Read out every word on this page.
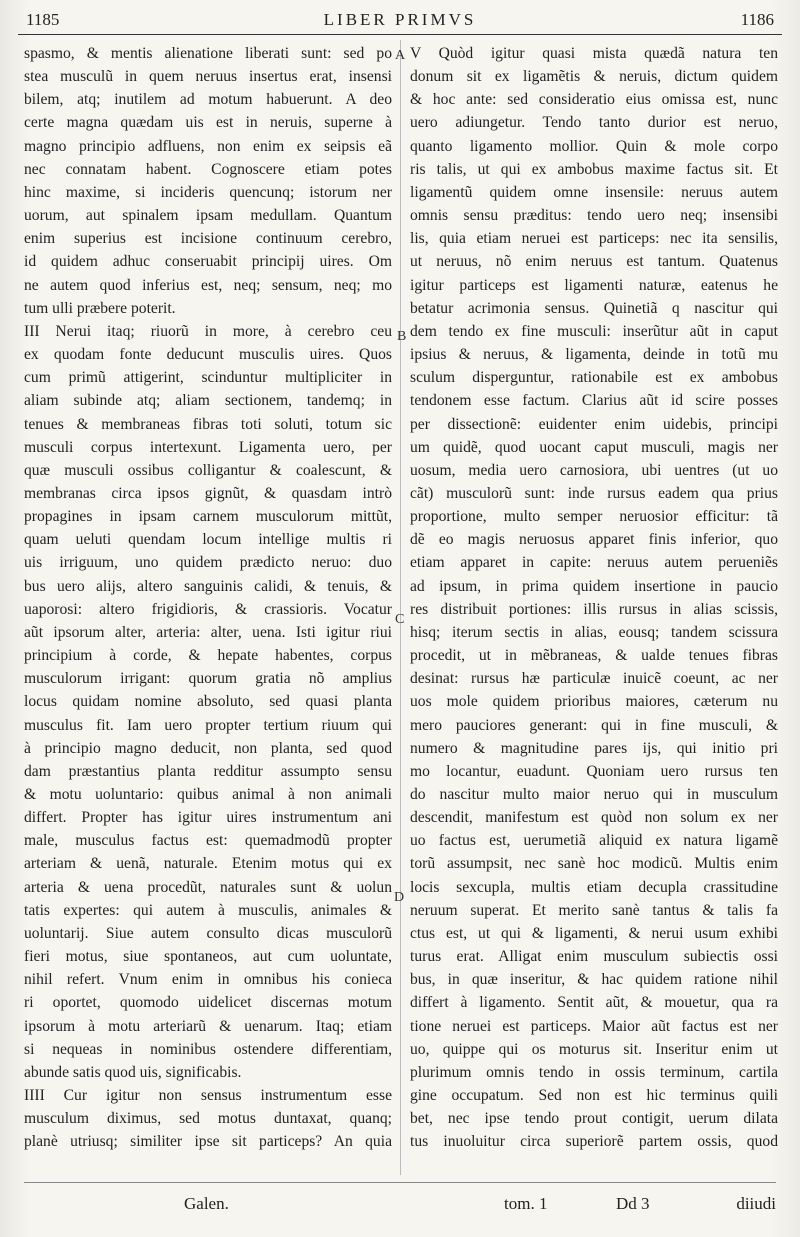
1185	LIBER PRIMVS	1186
spasmo, & mentis alienatione liberati sunt: sed po
stea musculũ in quem neruus insertus erat, insensi
bilem, atq; inutilem ad motum habuerunt. A deo
certe magna quædam uis est in neruis, superne à
magno principio adfluens, non enim ex seipsis eã
nec connatam habent. Cognoscere etiam potes
hinc maxime, si incideris quencunq; istorum ner
uorum, aut spinalem ipsam medullam. Quantum
enim superius est incisione continuum cerebro,
id quidem adhuc conseruabit principij uires. Om
ne autem quod inferius est, neq; sensum, neq; mo
tum ulli præbere poterit.
III Nerui itaq; riuorũ in more, à cerebro ceu
ex quodam fonte deducunt musculis uires. Quos
cum primũ attigerint, scinduntur multipliciter in
aliam subinde atq; aliam sectionem, tandemq; in
tenues & membraneas fibras toti soluti, totum sic
musculi corpus intertexunt. Ligamenta uero, per
quæ musculi ossibus colligantur & coalescunt, &
membranas circa ipsos gignũt, & quasdam intrò
propagines in ipsam carnem musculorum mittũt,
quam ueluti quendam locum intellige multis ri
uis irriguum, uno quidem prædicto neruo: duo
bus uero alijs, altero sanguinis calidi, & tenuis, &
uaporosi: altero frigidioris, & crassioris. Vocatur
aũt ipsorum alter, arteria: alter, uena. Isti igitur riui
principium à corde, & hepate habentes, corpus
musculorum irrigant: quorum gratia nõ amplius
locus quidam nomine absoluto, sed quasi planta
musculus fit. Iam uero propter tertium riuum qui
à principio magno deducit, non planta, sed quod
dam præstantius planta redditur assumpto sensu
& motu uoluntario: quibus animal à non animali
differt. Propter has igitur uires instrumentum ani
male, musculus factus est: quemadmodũ propter
arteriam & uenã, naturale. Etenim motus qui ex
arteria & uena procedũt, naturales sunt & uolun
tatis expertes: qui autem à musculis, animales &
uoluntarij. Siue autem consulto dicas musculorũ
fieri motus, siue spontaneos, aut cum uoluntate,
nihil refert. Vnum enim in omnibus his conieca
ri oportet, quomodo uidelicet discernas motum
ipsorum à motu arteriarũ & uenarum. Itaq; etiam
si nequeas in nominibus ostendere differentiam,
abunde satis quod uis, significabis.
IIII Cur igitur non sensus instrumentum esse
musculum diximus, sed motus duntaxat, quanq;
planè utriusq; similiter ipse sit particeps? An quia
V Quòd igitur quasi mista quædã natura ten
donum sit ex ligamẽtis & neruis, dictum quidem
& hoc ante: sed consideratio eius omissa est, nunc
uero adiungetur. Tendo tanto durior est neruo,
quanto ligamento mollior. Quin & mole corpo
ris talis, ut qui ex ambobus maxime factus sit. Et
ligamentũ quidem omne insensile: neruus autem
omnis sensu præditus: tendo uero neq; insensibi
lis, quia etiam neruei est particeps: nec ita sensilis,
ut neruus, nõ enim neruus est tantum. Quatenus
igitur particeps est ligamenti naturæ, eatenus he
betatur acrimonia sensus. Quinetiã q nascitur qui
dem tendo ex fine musculi: inserũtur aũt in caput
ipsius & neruus, & ligamenta, deinde in totũ mu
sculum disperguntur, rationabile est ex ambobus
tendonem esse factum. Clarius aũt id scire posses
per dissectionẽ: euidenter enim uidebis, principi
um quidẽ, quod uocant caput musculi, magis ner
uosum, media uero carnosiora, ubi uentres (ut uo
cãt) musculorũ sunt: inde rursus eadem qua prius
proportione, multo semper neruosior efficitur: tã
dẽ eo magis neruosus apparet finis inferior, quo
etiam apparet in capite: neruus autem perueniẽs
ad ipsum, in prima quidem insertione in paucio
res distribuit portiones: illis rursus in alias scissis,
hisq; iterum sectis in alias, eousq; tandem scissura
procedit, ut in mẽbraneas, & ualde tenues fibras
desinat: rursus hæ particulæ inuicẽ coeunt, ac ner
uos mole quidem prioribus maiores, cæterum nu
mero pauciores generant: qui in fine musculi, &
numero & magnitudine pares ijs, qui initio pri
mo locantur, euadunt. Quoniam uero rursus ten
do nascitur multo maior neruo qui in musculum
descendit, manifestum est quòd non solum ex ner
uo factus est, uerumetiã aliquid ex natura ligamẽ
torũ assumpsit, nec sanè hoc modicũ. Multis enim
locis sexcupla, multis etiam decupla crassitudine
neruum superat. Et merito sanè tantus & talis fa
ctus est, ut qui & ligamenti, & nerui usum exhibi
turus erat. Alligat enim musculum subiectis ossi
bus, in quæ inseritur, & hac quidem ratione nihil
differt à ligamento. Sentit aũt, & mouetur, qua ra
tione neruei est particeps. Maior aũt factus est ner
uo, quippe qui os moturus sit. Inseritur enim ut
plurimum omnis tendo in ossis terminum, cartila
gine occupatum. Sed non est hic terminus quili
bet, nec ipse tendo prout contigit, uerum dilata
tus inuoluitur circa superiorẽ partem ossis, quod
A
B
C
D
Galen.	tom. 1	Dd 3	diiudi
